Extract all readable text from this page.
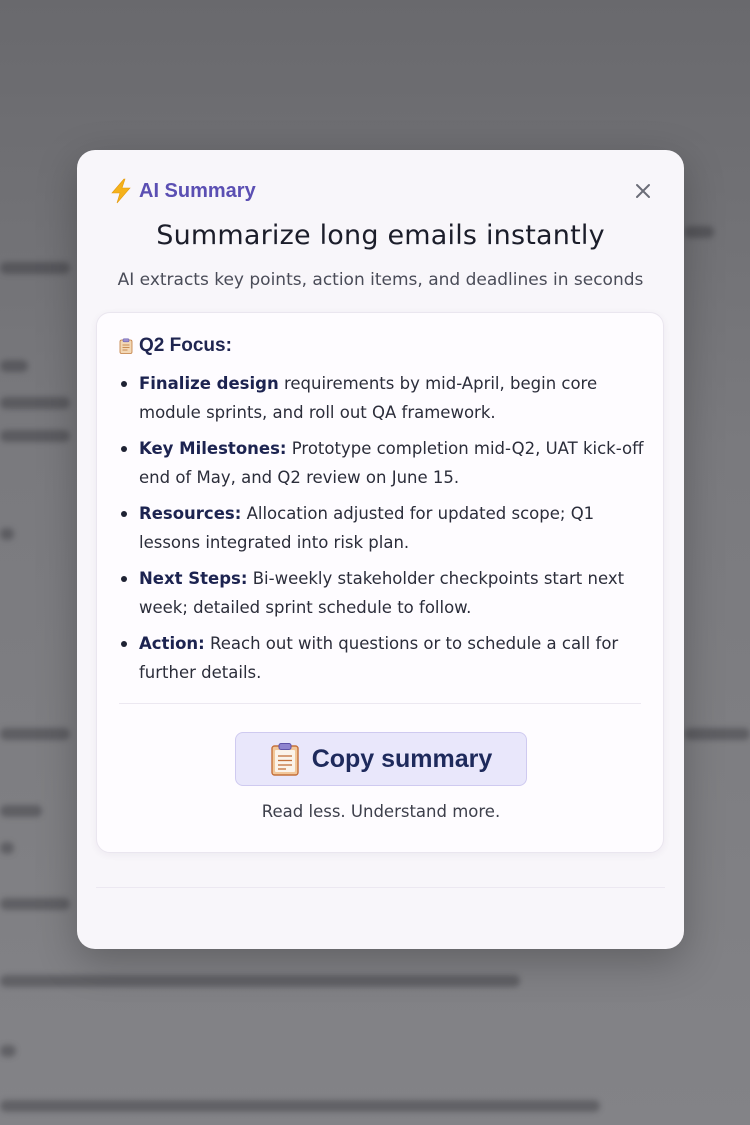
AI Summary
Summarize long emails instantly
AI extracts key points, action items, and deadlines in seconds
Q2 Focus:
Finalize design requirements by mid-April, begin core module sprints, and roll out QA framework.
Key Milestones: Prototype completion mid-Q2, UAT kick-off end of May, and Q2 review on June 15.
Resources: Allocation adjusted for updated scope; Q1 lessons integrated into risk plan.
Next Steps: Bi-weekly stakeholder checkpoints start next week; detailed sprint schedule to follow.
Action: Reach out with questions or to schedule a call for further details.
Copy summary
Read less. Understand more.
